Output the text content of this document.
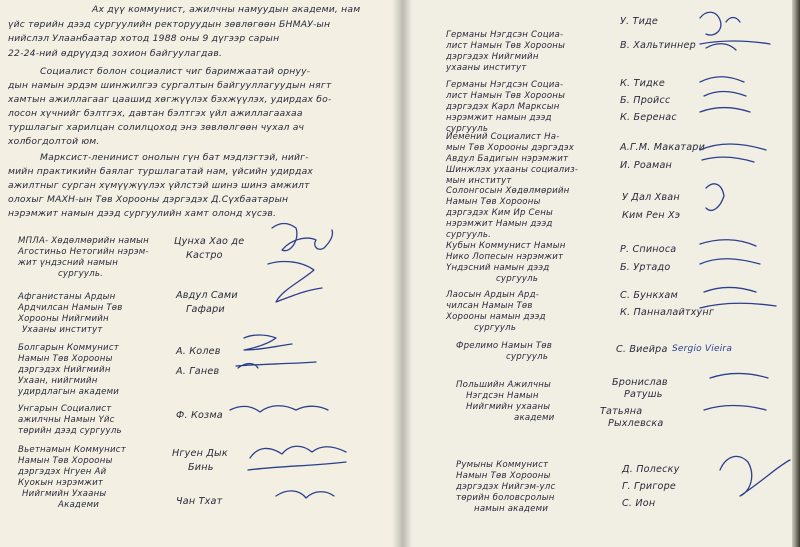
Ах дүү коммунист, ажилчны намуудын академи, нам
үйс төрийн дээд сургуулийн ректоруудын зөвлөгөөн БНМАУ-ын
нийслэл Улаанбаатар хотод 1988 оны 9 дүгээр сарын
22-24-ний өдрүүдэд зохион байгуулагдав.
Социалист болон социалист чиг баримжаатай орнуу-
дын намын эрдэм шинжилгээ сургалтын байгууллагуудын нягт
хамтын ажиллагааг цаашид хөгжүүлэх бэхжүүлэх, удирдах бо-
лосон хүчнийг бэлтгэх, давтан бэлтгэх үйл ажиллагаахаа
туршлагыг харилцан солилцоход энэ зөвлөлгөөн чухал ач
холбогдолтой юм.
Марксист-ленинист онолын гүн бат мэдлэгтэй, нийг-
мийн практикийн баялаг туршлагатай нам, үйсийн удирдах
ажилтныг сурган хүмүүжүүлэх үйлстэй шинэ шинэ амжилт
олохыг МАХН-ын Төв Хорооны дэргэдэх Д.Сүхбаатарын
нэрэмжит намын дээд сургуулийн хамт олонд хүсэв.
МПЛА- Хөдөлмөрийн намын
Агостиньо Нетогийн нэрэм-
жит үндэсний намын
сургууль.
Цунха Хао де
Кастро
Афганистаны Ардын
Ардчилсан Намын Төв
Хорооны Нийгмийн
Ухааны институт
Авдул Сами
Гафари
Болгарын Коммунист
Намын Төв Хорооны
дэргэдэх Нийгмийн
Ухаан, нийгмийн
удирдлагын академи
А. Колев
А. Ганев
Унгарын Социалист
ажилчны Намын Үйс
төрийн дээд сургууль
Ф. Козма
Вьетнамын Коммунист
Намын Төв Хорооны
дэргэдэх Нгуен Ай
Куокын нэрэмжит
Нийгмийн Ухааны
Академи
Нгуен Дык
Бинь
Чан Тхат
Германы Нэгдсэн Социа-
лист Намын Төв Хорооны
дэргэдэх Нийгмийн
ухааны институт
У. Тиде
В. Хальтиннер
Германы Нэгдсэн Социа-
лист Намын Төв Хорооны
дэргэдэх Карл Марксын
нэрэмжит намын дээд
сургууль
К. Тидке
Б. Пройсс
К. Беренас
Йемений Социалист На-
мын Төв Хорооны дэргэдэх
Авдул Бадигын нэрэмжит
Шинжлэх ухааны социализ-
мын институт
А.Г.М. Макатари
И. Роаман
Солонгосын Хөдөлмөрийн
Намын Төв Хорооны
дэргэдэх Ким Ир Сены
нэрэмжит Намын дээд
сургууль.
У Дал Хван
Ким Рен Хэ
Кубын Коммунист Намын
Нико Лопесын нэрэмжит
Үндэсний намын дээд
сургууль
Р. Спиноса
Б. Уртадо
Лаосын Ардын Ард-
чилсан Намын Төв
Хорооны намын дээд
сургууль
С. Бункхам
К. Панналайтхунг
Фрелимо Намын Төв
сургууль
С. Виейра
Польшийн Ажилчны
Нэгдсэн Намын
Нийгмийн ухааны
академи
Бронислав
Ратушь
Татьяна
Рыхлевска
Румыны Коммунист
Намын Төв Хорооны
дэргэдэх Нийгэм-улс
төрийн боловсролын
намын академи
Д. Полеску
Г. Григоре
С. Ион
Sergio Vieira
